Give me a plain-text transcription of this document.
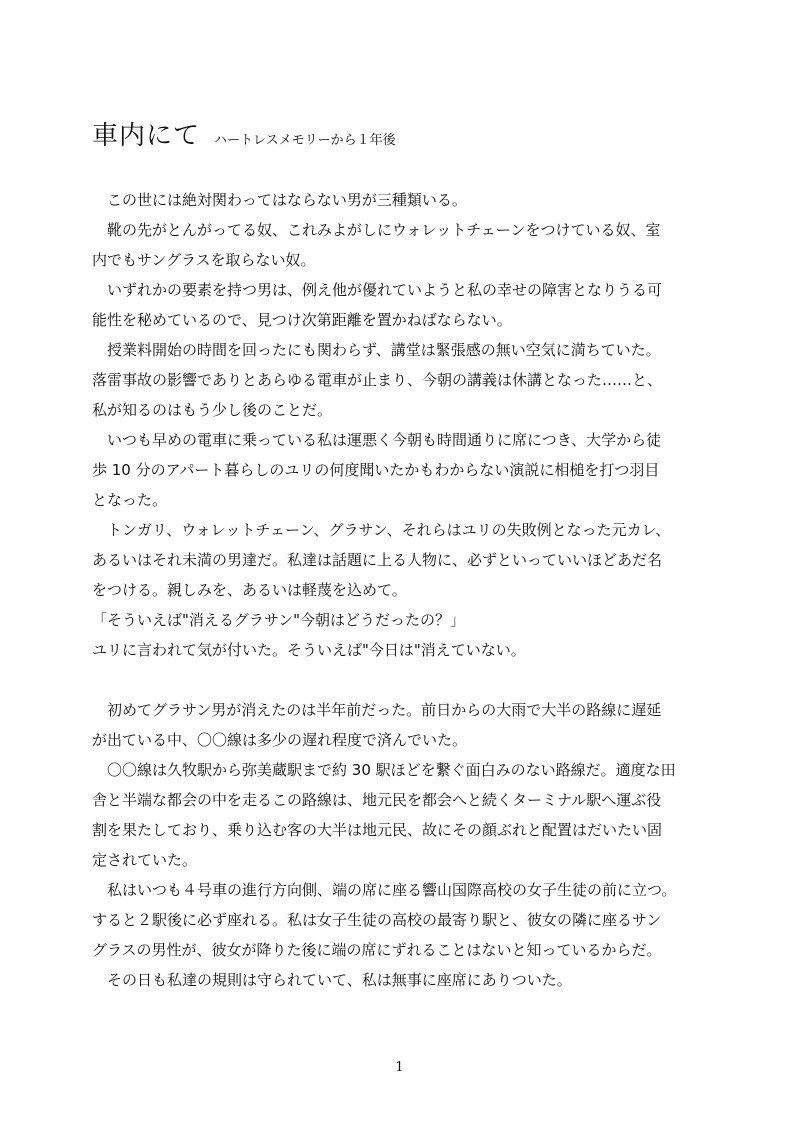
車内にて ハートレスメモリーから１年後

この世には絶対関わってはならない男が三種類いる。

靴の先がとんがってる奴、これみよがしにウォレットチェーンをつけている奴、室

内でもサングラスを取らない奴。

いずれかの要素を持つ男は、例え他が優れていようと私の幸せの障害となりうる可

能性を秘めているので、見つけ次第距離を置かねばならない。

授業料開始の時間を回ったにも関わらず、講堂は緊張感の無い空気に満ちていた。

落雷事故の影響でありとあらゆる電車が止まり、今朝の講義は休講となった……と、

私が知るのはもう少し後のことだ。

いつも早めの電車に乗っている私は運悪く今朝も時間通りに席につき、大学から徒

歩 10 分のアパート暮らしのユリの何度聞いたかもわからない演説に相槌を打つ羽目

となった。

トンガリ、ウォレットチェーン、グラサン、それらはユリの失敗例となった元カレ、

あるいはそれ未満の男達だ。私達は話題に上る人物に、必ずといっていいほどあだ名

をつける。親しみを、あるいは軽蔑を込めて。

「そういえば"消えるグラサン"今朝はどうだったの？」

ユリに言われて気が付いた。そういえば"今日は"消えていない。

初めてグラサン男が消えたのは半年前だった。前日からの大雨で大半の路線に遅延

が出ている中、〇〇線は多少の遅れ程度で済んでいた。

〇〇線は久牧駅から弥美蔵駅まで約 30 駅ほどを繋ぐ面白みのない路線だ。適度な田

舎と半端な都会の中を走るこの路線は、地元民を都会へと続くターミナル駅へ運ぶ役

割を果たしており、乗り込む客の大半は地元民、故にその顔ぶれと配置はだいたい固

定されていた。

私はいつも４号車の進行方向側、端の席に座る響山国際高校の女子生徒の前に立つ。

すると２駅後に必ず座れる。私は女子生徒の高校の最寄り駅と、彼女の隣に座るサン

グラスの男性が、彼女が降りた後に端の席にずれることはないと知っているからだ。

その日も私達の規則は守られていて、私は無事に座席にありついた。

1
